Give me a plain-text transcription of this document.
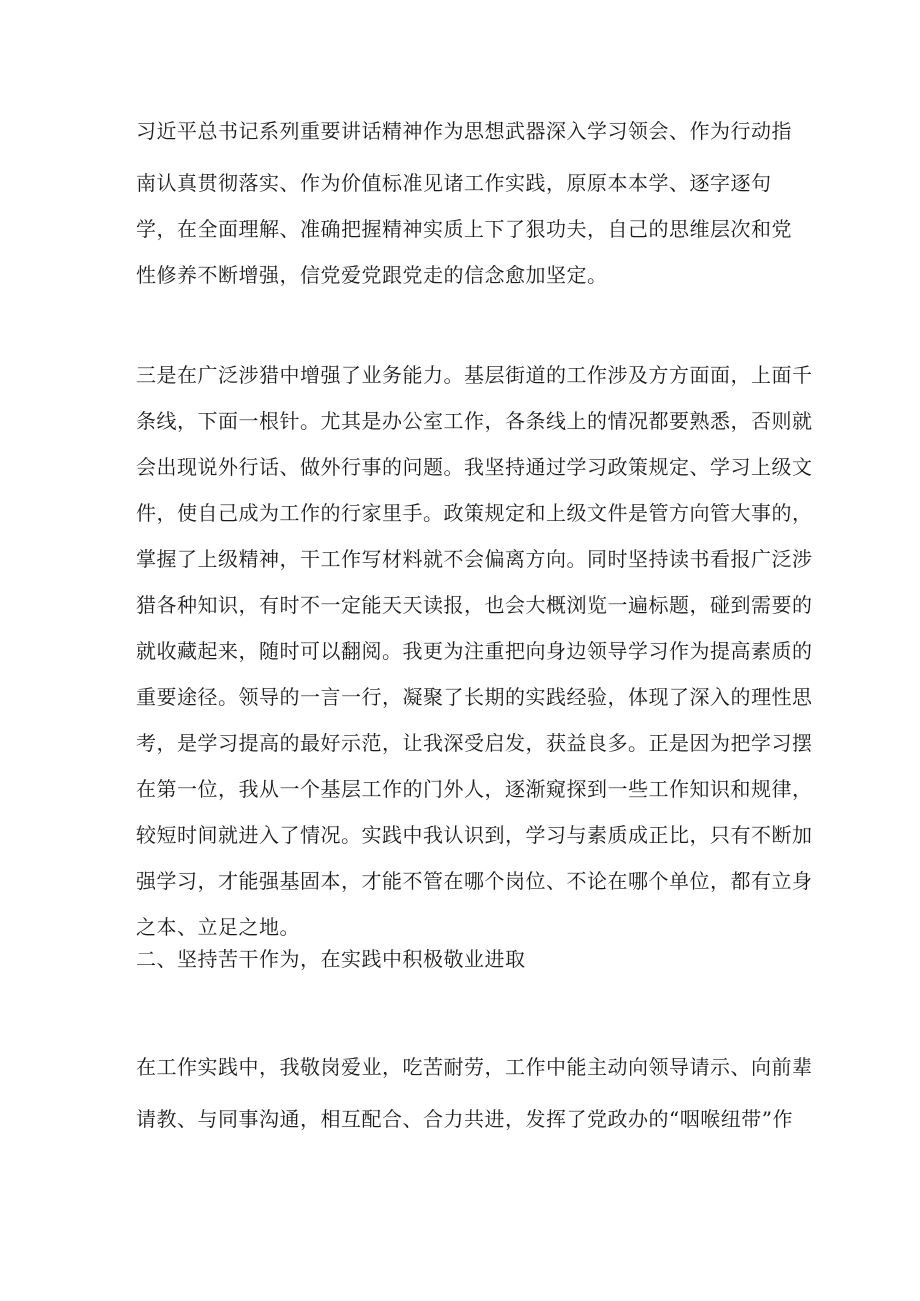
习近平总书记系列重要讲话精神作为思想武器深入学习领会、作为行动指
南认真贯彻落实、作为价值标准见诸工作实践，原原本本学、逐字逐句
学，在全面理解、准确把握精神实质上下了狠功夫，自己的思维层次和党
性修养不断增强，信党爱党跟党走的信念愈加坚定。
三是在广泛涉猎中增强了业务能力。基层街道的工作涉及方方面面，上面千
条线，下面一根针。尤其是办公室工作，各条线上的情况都要熟悉，否则就
会出现说外行话、做外行事的问题。我坚持通过学习政策规定、学习上级文
件，使自己成为工作的行家里手。政策规定和上级文件是管方向管大事的，
掌握了上级精神，干工作写材料就不会偏离方向。同时坚持读书看报广泛涉
猎各种知识，有时不一定能天天读报，也会大概浏览一遍标题，碰到需要的
就收藏起来，随时可以翻阅。我更为注重把向身边领导学习作为提高素质的
重要途径。领导的一言一行，凝聚了长期的实践经验，体现了深入的理性思
考，是学习提高的最好示范，让我深受启发，获益良多。正是因为把学习摆
在第一位，我从一个基层工作的门外人，逐渐窥探到一些工作知识和规律，
较短时间就进入了情况。实践中我认识到，学习与素质成正比，只有不断加
强学习，才能强基固本，才能不管在哪个岗位、不论在哪个单位，都有立身
之本、立足之地。
二、坚持苦干作为，在实践中积极敬业进取
在工作实践中，我敬岗爱业，吃苦耐劳，工作中能主动向领导请示、向前辈
请教、与同事沟通，相互配合、合力共进，发挥了党政办的“咽喉纽带”作
